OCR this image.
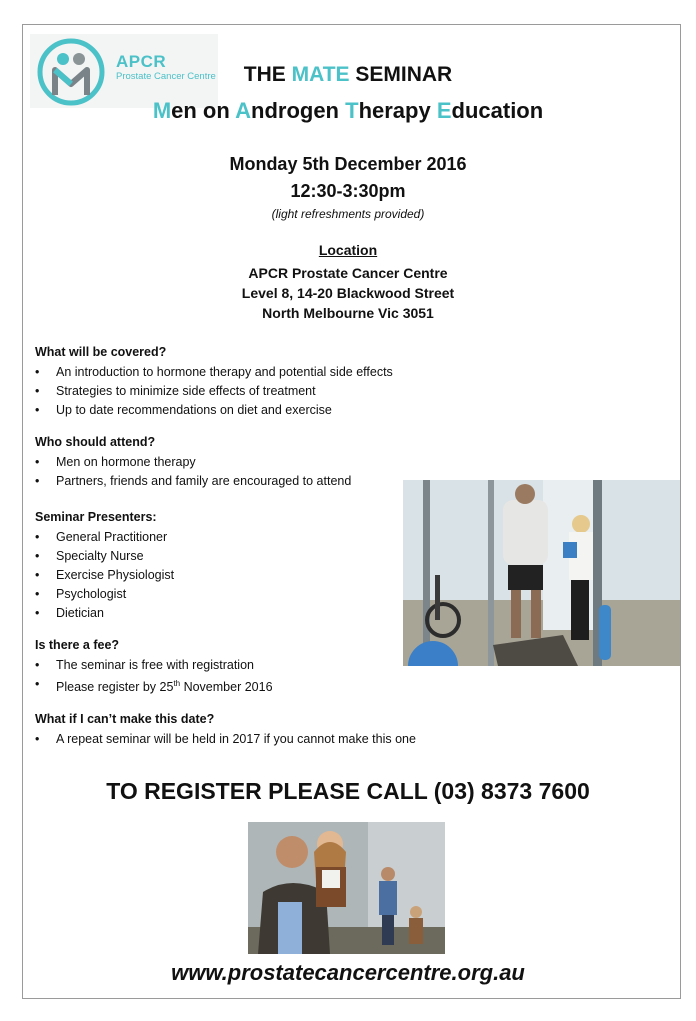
APCR
Prostate Cancer Centre	THE MATE SEMINAR
Men on Androgen Therapy Education
Monday 5th December 2016
12:30-3:30pm
(light refreshments provided)
Location
APCR Prostate Cancer Centre
Level 8, 14-20 Blackwood Street
North Melbourne Vic 3051
What will be covered?
• An introduction to hormone therapy and potential side effects
• Strategies to minimize side effects of treatment
• Up to date recommendations on diet and exercise
Who should attend?
• Men on hormone therapy
• Partners, friends and family are encouraged to attend
Seminar Presenters:
• General Practitioner
• Specialty Nurse
• Exercise Physiologist
• Psychologist
• Dietician
Is there a fee?
• The seminar is free with registration
• Please register by 25th November 2016
What if I can’t make this date?
• A repeat seminar will be held in 2017 if you cannot make this one
TO REGISTER PLEASE CALL (03) 8373 7600
www.prostatecancercentre.org.au
